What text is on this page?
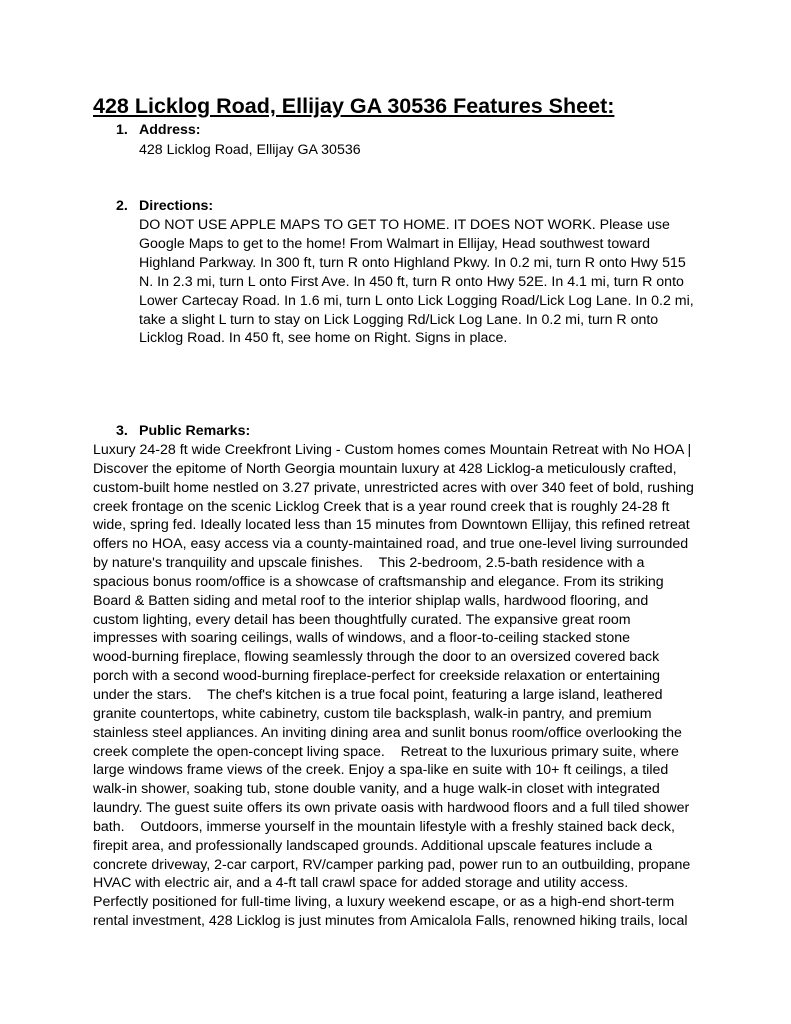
428 Licklog Road, Ellijay GA 30536 Features Sheet:
1. Address:
428 Licklog Road, Ellijay GA 30536
2. Directions:
DO NOT USE APPLE MAPS TO GET TO HOME. IT DOES NOT WORK. Please use
Google Maps to get to the home! From Walmart in Ellijay, Head southwest toward
Highland Parkway. In 300 ft, turn R onto Highland Pkwy. In 0.2 mi, turn R onto Hwy 515
N. In 2.3 mi, turn L onto First Ave. In 450 ft, turn R onto Hwy 52E. In 4.1 mi, turn R onto
Lower Cartecay Road. In 1.6 mi, turn L onto Lick Logging Road/Lick Log Lane. In 0.2 mi,
take a slight L turn to stay on Lick Logging Rd/Lick Log Lane. In 0.2 mi, turn R onto
Licklog Road. In 450 ft, see home on Right. Signs in place.
3. Public Remarks:
Luxury 24-28 ft wide Creekfront Living - Custom homes comes Mountain Retreat with No HOA |
Discover the epitome of North Georgia mountain luxury at 428 Licklog-a meticulously crafted,
custom-built home nestled on 3.27 private, unrestricted acres with over 340 feet of bold, rushing
creek frontage on the scenic Licklog Creek that is a year round creek that is roughly 24-28 ft
wide, spring fed. Ideally located less than 15 minutes from Downtown Ellijay, this refined retreat
offers no HOA, easy access via a county-maintained road, and true one-level living surrounded
by nature's tranquility and upscale finishes.    This 2-bedroom, 2.5-bath residence with a
spacious bonus room/office is a showcase of craftsmanship and elegance. From its striking
Board & Batten siding and metal roof to the interior shiplap walls, hardwood flooring, and
custom lighting, every detail has been thoughtfully curated. The expansive great room
impresses with soaring ceilings, walls of windows, and a floor-to-ceiling stacked stone
wood-burning fireplace, flowing seamlessly through the door to an oversized covered back
porch with a second wood-burning fireplace-perfect for creekside relaxation or entertaining
under the stars.    The chef's kitchen is a true focal point, featuring a large island, leathered
granite countertops, white cabinetry, custom tile backsplash, walk-in pantry, and premium
stainless steel appliances. An inviting dining area and sunlit bonus room/office overlooking the
creek complete the open-concept living space.    Retreat to the luxurious primary suite, where
large windows frame views of the creek. Enjoy a spa-like en suite with 10+ ft ceilings, a tiled
walk-in shower, soaking tub, stone double vanity, and a huge walk-in closet with integrated
laundry. The guest suite offers its own private oasis with hardwood floors and a full tiled shower
bath.    Outdoors, immerse yourself in the mountain lifestyle with a freshly stained back deck,
firepit area, and professionally landscaped grounds. Additional upscale features include a
concrete driveway, 2-car carport, RV/camper parking pad, power run to an outbuilding, propane
HVAC with electric air, and a 4-ft tall crawl space for added storage and utility access.
Perfectly positioned for full-time living, a luxury weekend escape, or as a high-end short-term
rental investment, 428 Licklog is just minutes from Amicalola Falls, renowned hiking trails, local
